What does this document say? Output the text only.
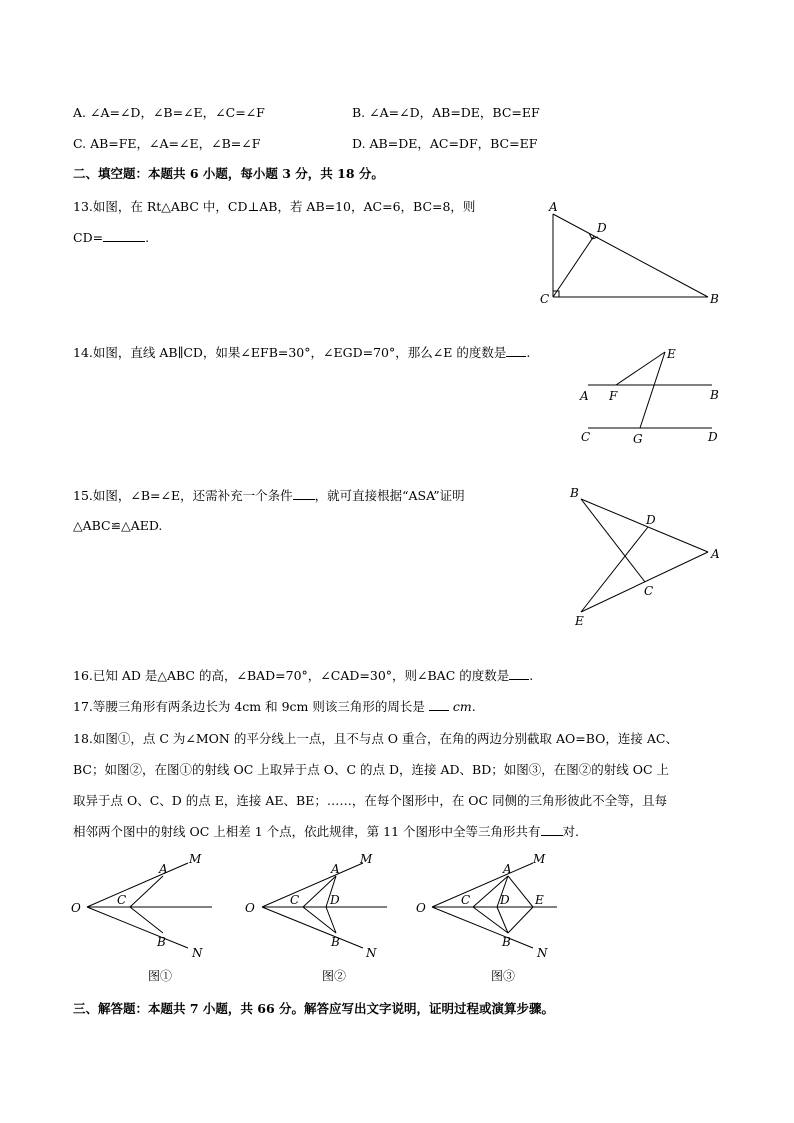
A. ∠A=∠D，∠B=∠E，∠C=∠F	B. ∠A=∠D，AB=DE，BC=EF
C. AB=FE，∠A=∠E，∠B=∠F	D. AB=DE，AC=DF，BC=EF
二、填空题：本题共 6 小题，每小题 3 分，共 18 分。
13.如图，在 Rt△ABC 中，CD⊥AB，若 AB=10，AC=6，BC=8，则
CD=	.
A
D
C	B
14.如图，直线 AB∥CD，如果∠EFB=30°，∠EGD=70°，那么∠E 的度数是 .	E
A F	B
C	G	D
15.如图，∠B=∠E，还需补充一个条件 ，就可直接根据“ASA”证明
△ABC≌△AED.
B
D
A
C
E
16.已知 AD 是△ABC 的高，∠BAD=70°，∠CAD=30°，则∠BAC 的度数是 .
17.等腰三角形有两条边长为 4cm 和 9cm 则该三角形的周长是 cm.
18.如图①，点 C 为∠MON 的平分线上一点，且不与点 O 重合，在角的两边分别截取 AO=BO，连接 AC、
BC；如图②，在图①的射线 OC 上取异于点 O、C 的点 D，连接 AD、BD；如图③，在图②的射线 OC 上
取异于点 O、C、D 的点 E，连接 AE、BE；……，在每个图形中，在 OC 同侧的三角形彼此不全等，且每
相邻两个图中的射线 OC 上相差 1 个点，依此规律，第 11 个图形中全等三角形共有 对.
O
A
M
C
B
N
图①
O
A
M
C	D
B
N
图②
O
A
M
C D E
B
N
图③
三、解答题：本题共 7 小题，共 66 分。解答应写出文字说明，证明过程或演算步骤。
